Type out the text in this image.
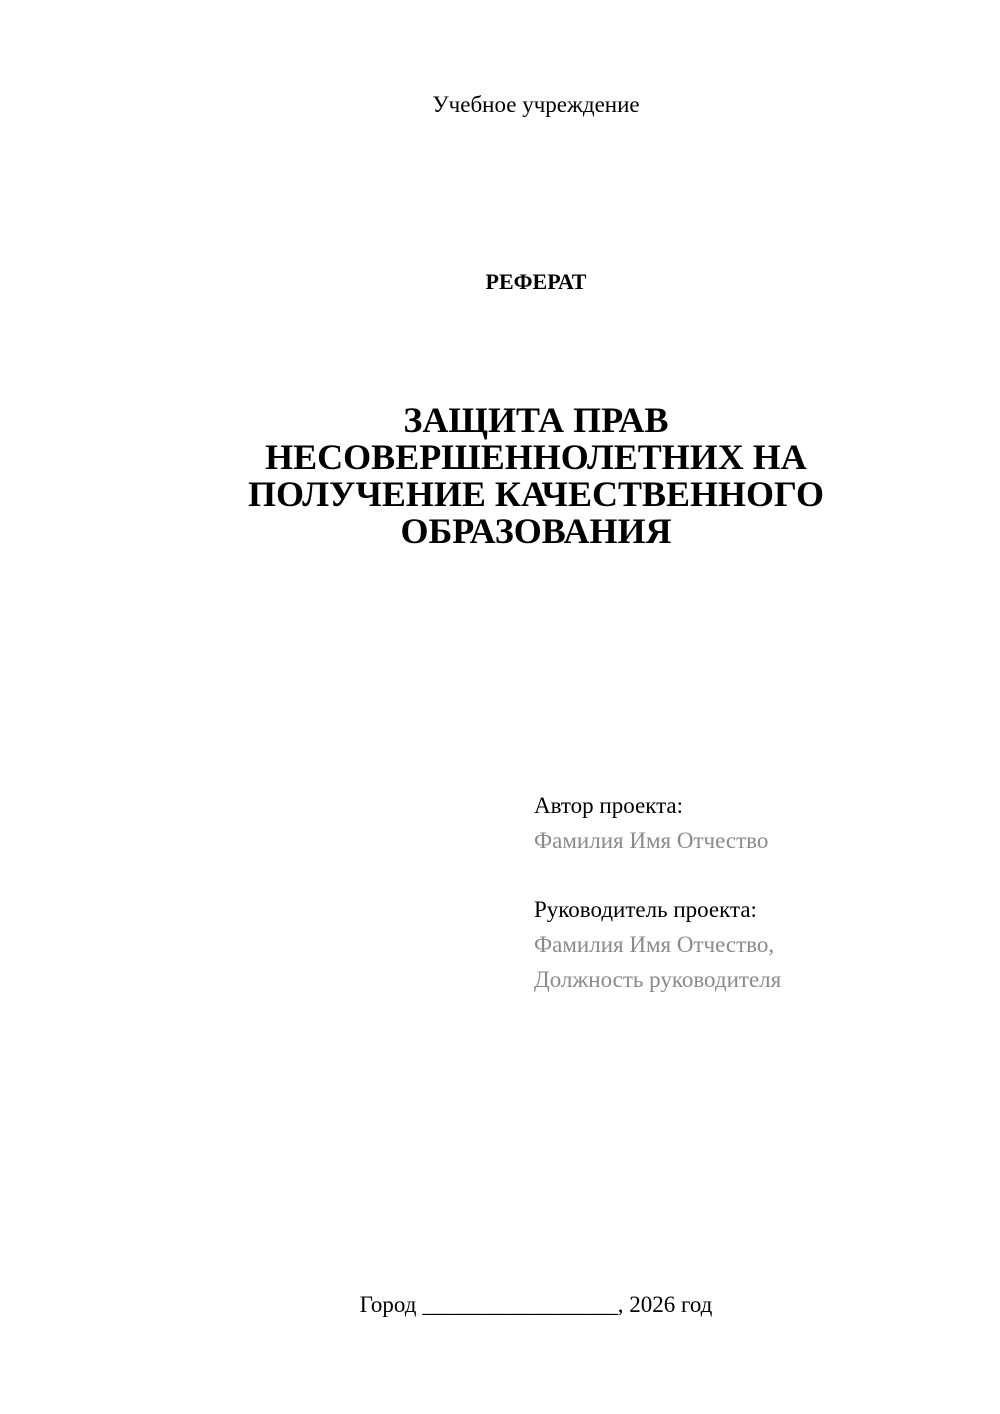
Учебное учреждение
РЕФЕРАТ
ЗАЩИТА ПРАВ
НЕСОВЕРШЕННОЛЕТНИХ НА
ПОЛУЧЕНИЕ КАЧЕСТВЕННОГО
ОБРАЗОВАНИЯ
Автор проекта:
Фамилия Имя Отчество
Руководитель проекта:
Фамилия Имя Отчество,
Должность руководителя
Город _________________, 2026 год
